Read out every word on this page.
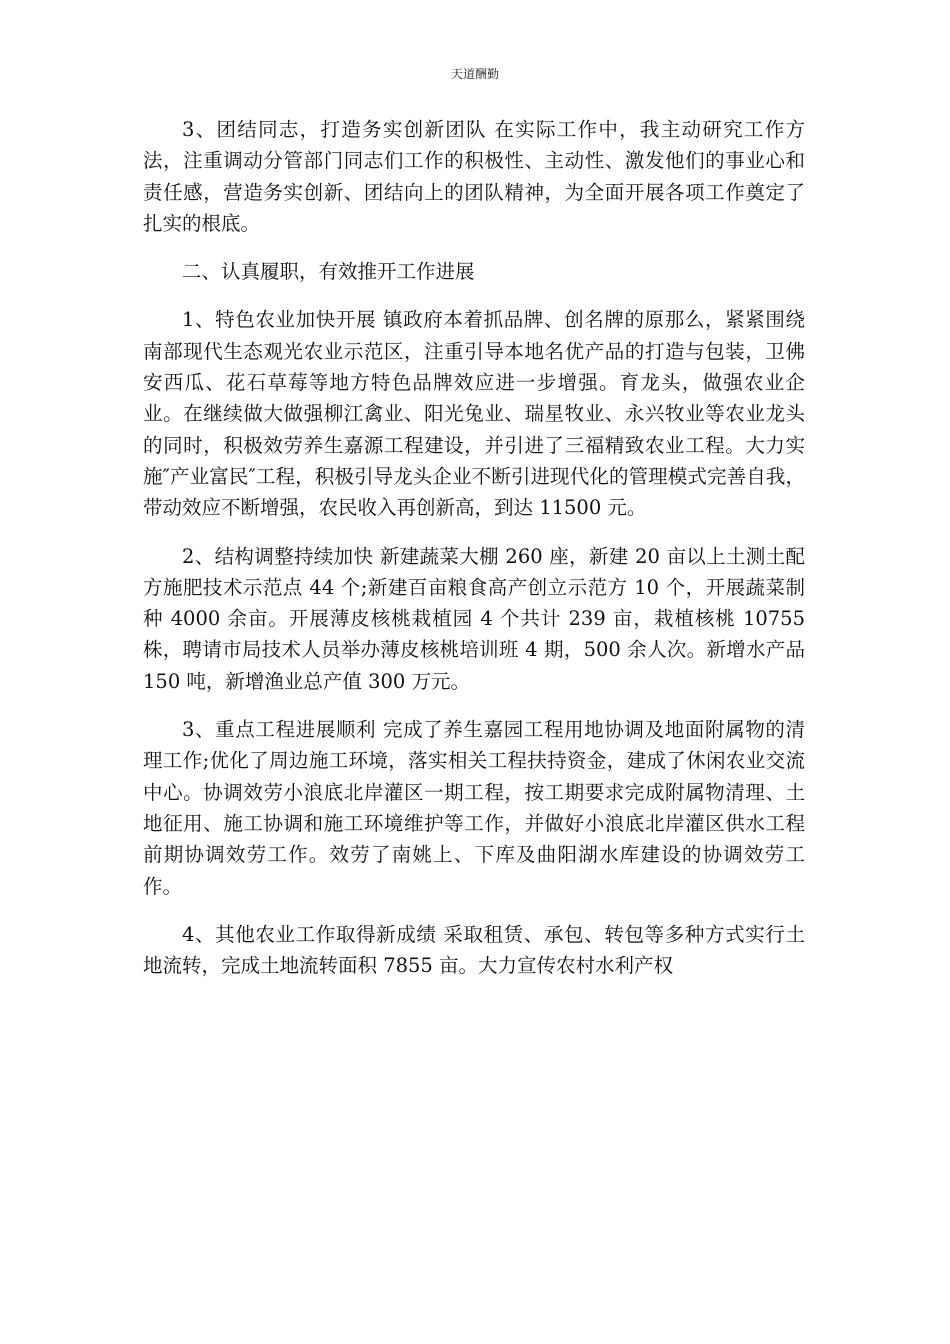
天道酬勤

3、团结同志，打造务实创新团队 在实际工作中，我主动研究工作方法，注重调动分管部门同志们工作的积极性、主动性、激发他们的事业心和责任感，营造务实创新、团结向上的团队精神，为全面开展各项工作奠定了扎实的根底。

二、认真履职，有效推开工作进展

1、特色农业加快开展 镇政府本着抓品牌、创名牌的原那么，紧紧围绕南部现代生态观光农业示范区，注重引导本地名优产品的打造与包装，卫佛安西瓜、花石草莓等地方特色品牌效应进一步增强。育龙头，做强农业企业。在继续做大做强柳江禽业、阳光兔业、瑞星牧业、永兴牧业等农业龙头的同时，积极效劳养生嘉源工程建设，并引进了三福精致农业工程。大力实施″产业富民″工程，积极引导龙头企业不断引进现代化的管理模式完善自我，带动效应不断增强，农民收入再创新高，到达 11500 元。

2、结构调整持续加快 新建蔬菜大棚 260 座，新建 20 亩以上土测土配方施肥技术示范点 44 个;新建百亩粮食高产创立示范方 10 个，开展蔬菜制种 4000 余亩。开展薄皮核桃栽植园 4 个共计 239 亩，栽植核桃 10755 株，聘请市局技术人员举办薄皮核桃培训班 4 期，500 余人次。新增水产品 150 吨，新增渔业总产值 300 万元。

3、重点工程进展顺利 完成了养生嘉园工程用地协调及地面附属物的清理工作;优化了周边施工环境，落实相关工程扶持资金，建成了休闲农业交流中心。协调效劳小浪底北岸灌区一期工程，按工期要求完成附属物清理、土地征用、施工协调和施工环境维护等工作，并做好小浪底北岸灌区供水工程前期协调效劳工作。效劳了南姚上、下库及曲阳湖水库建设的协调效劳工作。

4、其他农业工作取得新成绩 采取租赁、承包、转包等多种方式实行土地流转，完成土地流转面积 7855 亩。大力宣传农村水利产权
